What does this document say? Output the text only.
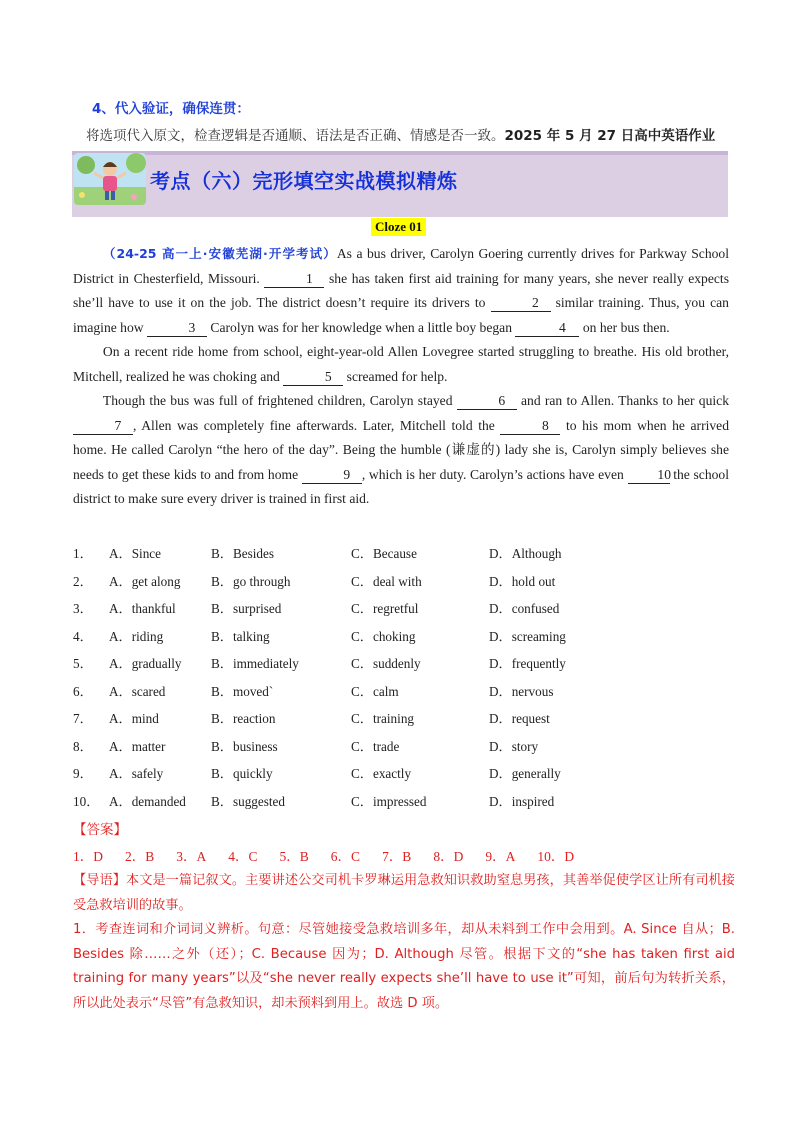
4、代入验证，确保连贯：
将选项代入原文，检查逻辑是否通顺、语法是否正确、情感是否一致。2025 年 5 月 27 日高中英语作业
考点（六）完形填空实战模拟精炼
Cloze 01

（24-25 高一上·安徽芜湖·开学考试）As a bus driver, Carolyn Goering currently drives for Parkway School District in Chesterfield, Missouri.	1 she has taken first aid training for many years, she never really expects she’ll have to use it on the job. The district doesn’t require its drivers to	2 similar training. Thus, you can imagine how	3 Carolyn was for her knowledge when a little boy began	4 on her bus then.

On a recent ride home from school, eight-year-old Allen Lovegree started struggling to breathe. His old brother, Mitchell, realized he was choking and	5 screamed for help.

Though the bus was full of frightened children, Carolyn stayed	6 and ran to Allen. Thanks to her quick 7 , Allen was completely fine afterwards. Later, Mitchell told the	8 to his mom when he arrived home. He called Carolyn “the hero of the day”. Being the humble (谦虚的) lady she is, Carolyn simply believes she needs to get these kids to and from home	9 , which is her duty. Carolyn’s actions have even 10 the school district to make sure every driver is trained in first aid.

1．	A．Since	B．Besides	C．Because	D．Although
2．	A．get along	B．go through	C．deal with	D．hold out
3．	A．thankful	B．surprised	C．regretful	D．confused
4．	A．riding	B．talking	C．choking	D．screaming
5．	A．gradually	B．immediately	C．suddenly	D．frequently
6．	A．scared	B．moved`	C．calm	D．nervous
7．	A．mind	B．reaction	C．training	D．request
8．	A．matter	B．business	C．trade	D．story
9．	A．safely	B．quickly	C．exactly	D．generally
10． A．demanded	B．suggested	C．impressed	D．inspired
【答案】
1．D 2．B 3．A 4．C 5．B 6．C 7．B 8．D 9．A 10．D

【导语】本文是一篇记叙文。主要讲述公交司机卡罗琳运用急救知识救助窒息男孩，其善举促使学区让所有司机接受急救培训的故事。

1．考查连词和介词词义辨析。句意：尽管她接受急救培训多年，却从未料到工作中会用到。A. Since 自从；B. Besides 除……之外（还）；C. Because 因为；D. Although 尽管。根据下文的“she has taken first aid training for many years”以及“she never really expects she’ll have to use it”可知，前后句为转折关系，所以此处表示“尽管”有急救知识，却未预料到用上。故选 D 项。
